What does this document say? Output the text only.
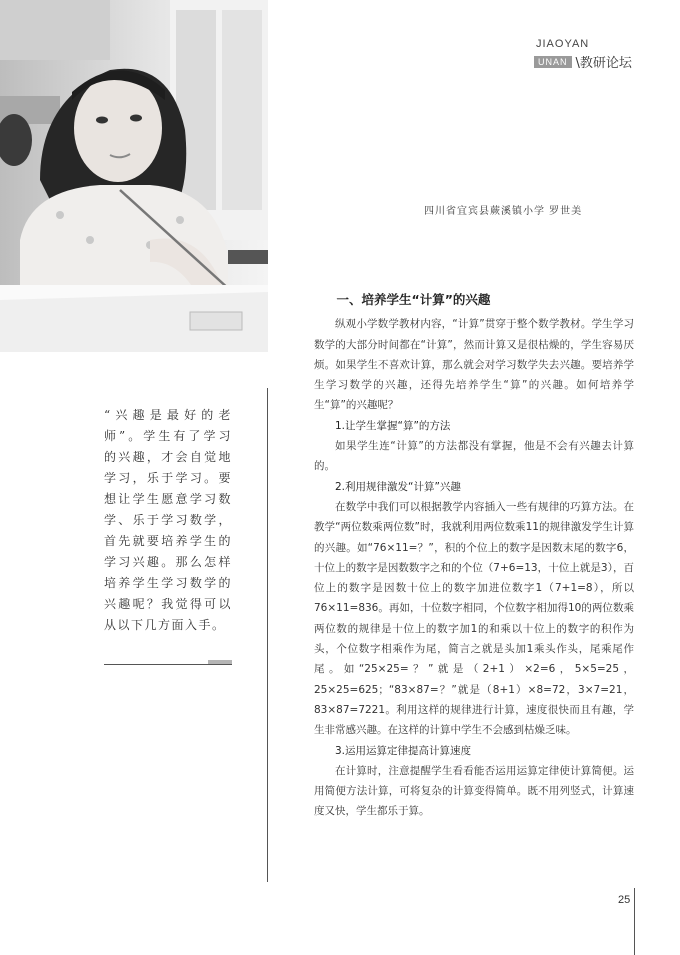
JIAOYAN
UNAN \教研论坛
四川省宜宾县蕨溪镇小学 罗世美
“兴趣是最好的老师”。学生有了学习的兴趣，才会自觉地学习，乐于学习。要想让学生愿意学习数学、乐于学习数学，首先就要培养学生的学习兴趣。那么怎样培养学生学习数学的兴趣呢？我觉得可以从以下几方面入手。
一、培养学生“计算”的兴趣

纵观小学数学教材内容，“计算”贯穿于整个数学教材。学生学习数学的大部分时间都在“计算”，然而计算又是很枯燥的，学生容易厌烦。如果学生不喜欢计算，那么就会对学习数学失去兴趣。要培养学生学习数学的兴趣，还得先培养学生“算”的兴趣。如何培养学生“算”的兴趣呢？

1.让学生掌握“算”的方法

如果学生连“计算”的方法都没有掌握，他是不会有兴趣去计算的。

2.利用规律激发“计算”兴趣

在数学中我们可以根据教学内容插入一些有规律的巧算方法。在教学“两位数乘两位数”时，我就利用两位数乘11的规律激发学生计算的兴趣。如“76×11=？”，积的个位上的数字是因数末尾的数字6，十位上的数字是因数数字之和的个位（7+6=13，十位上就是3），百位上的数字是因数十位上的数字加进位数字1（7+1=8），所以76×11=836。再如，十位数字相同，个位数字相加得10的两位数乘两位数的规律是十位上的数字加1的和乘以十位上的数字的积作为头，个位数字相乘作为尾，简言之就是头加1乘头作头，尾乘尾作尾。如“25×25=？”就是（2+1）×2=6，5×5=25，25×25=625；“83×87=？”就是（8+1）×8=72，3×7=21，83×87=7221。利用这样的规律进行计算，速度很快而且有趣，学生非常感兴趣。在这样的计算中学生不会感到枯燥乏味。

3.运用运算定律提高计算速度

在计算时，注意提醒学生看看能否运用运算定律使计算简便。运用简便方法计算，可将复杂的计算变得简单。既不用列竖式，计算速度又快，学生都乐于算。

25
